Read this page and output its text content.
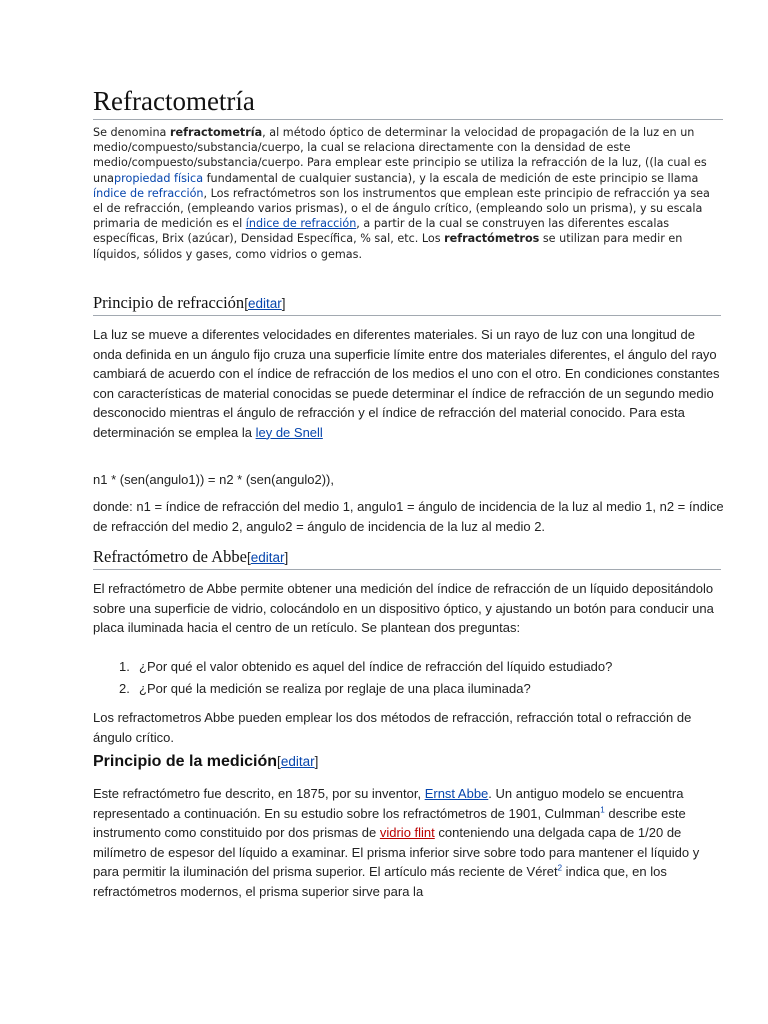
Refractometría
Se denomina refractometría, al método óptico de determinar la velocidad de propagación de la luz en un medio/compuesto/substancia/cuerpo, la cual se relaciona directamente con la densidad de este medio/compuesto/substancia/cuerpo. Para emplear este principio se utiliza la refracción de la luz, ((la cual es unapropiedad física fundamental de cualquier sustancia), y la escala de medición de este principio se llama índice de refracción, Los refractómetros son los instrumentos que emplean este principio de refracción ya sea el de refracción, (empleando varios prismas), o el de ángulo crítico, (empleando solo un prisma), y su escala primaria de medición es el índice de refracción, a partir de la cual se construyen las diferentes escalas específicas, Brix (azúcar), Densidad Específica, % sal, etc. Los refractómetros se utilizan para medir en líquidos, sólidos y gases, como vidrios o gemas.
Principio de refracción[editar]
La luz se mueve a diferentes velocidades en diferentes materiales. Si un rayo de luz con una longitud de onda definida en un ángulo fijo cruza una superficie límite entre dos materiales diferentes, el ángulo del rayo cambiará de acuerdo con el índice de refracción de los medios el uno con el otro. En condiciones constantes con características de material conocidas se puede determinar el índice de refracción de un segundo medio desconocido mientras el ángulo de refracción y el índice de refracción del material conocido. Para esta determinación se emplea la ley de Snell
n1 * (sen(angulo1)) = n2 * (sen(angulo2)),
donde: n1 = índice de refracción del medio 1, angulo1 = ángulo de incidencia de la luz al medio 1, n2 = índice de refracción del medio 2, angulo2 = ángulo de incidencia de la luz al medio 2.
Refractómetro de Abbe[editar]
El refractómetro de Abbe permite obtener una medición del índice de refracción de un líquido depositándolo sobre una superficie de vidrio, colocándolo en un dispositivo óptico, y ajustando un botón para conducir una placa iluminada hacia el centro de un retículo. Se plantean dos preguntas:
1. ¿Por qué el valor obtenido es aquel del índice de refracción del líquido estudiado?
2. ¿Por qué la medición se realiza por reglaje de una placa iluminada?
Los refractometros Abbe pueden emplear los dos métodos de refracción, refracción total o refracción de ángulo crítico.
Principio de la medición[editar]
Este refractómetro fue descrito, en 1875, por su inventor, Ernst Abbe. Un antiguo modelo se encuentra representado a continuación. En su estudio sobre los refractómetros de 1901, Culmman$^1$ describe este instrumento como constituido por dos prismas de vidrio flint conteniendo una delgada capa de 1/20 de milímetro de espesor del líquido a examinar. El prisma inferior sirve sobre todo para mantener el líquido y para permitir la iluminación del prisma superior. El artículo más reciente de Véret$^2$ indica que, en los refractómetros modernos, el prisma superior sirve para la
